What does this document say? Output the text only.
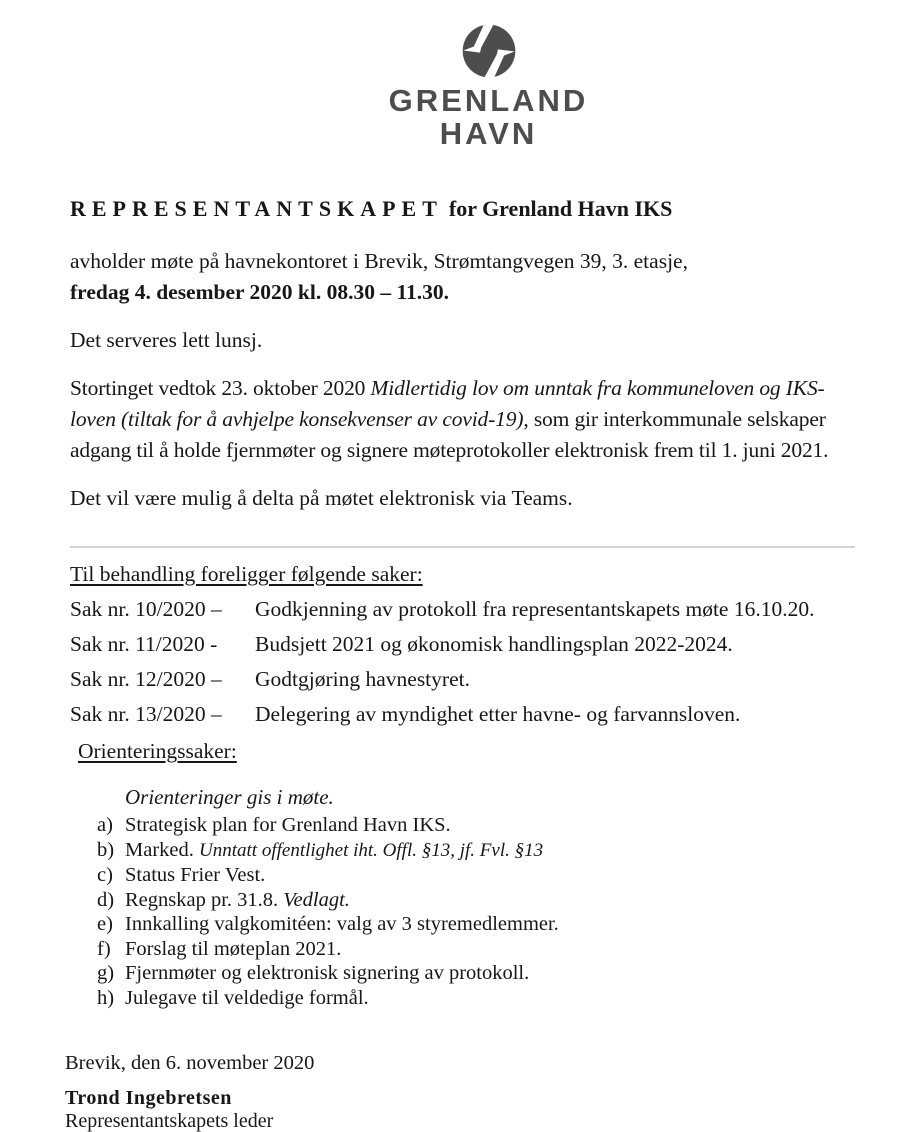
GRENLAND
HAVN
REPRESENTANTSKAPET for Grenland Havn IKS
avholder møte på havnekontoret i Brevik, Strømtangvegen 39, 3. etasje,
fredag 4. desember 2020 kl. 08.30 – 11.30.
Det serveres lett lunsj.
Stortinget vedtok 23. oktober 2020 Midlertidig lov om unntak fra kommuneloven og IKS-loven (tiltak for å avhjelpe konsekvenser av covid-19), som gir interkommunale selskaper adgang til å holde fjernmøter og signere møteprotokoller elektronisk frem til 1. juni 2021.
Det vil være mulig å delta på møtet elektronisk via Teams.
Til behandling foreligger følgende saker:
Sak nr. 10/2020 –	Godkjenning av protokoll fra representantskapets møte 16.10.20.
Sak nr. 11/2020 -	Budsjett 2021 og økonomisk handlingsplan 2022-2024.
Sak nr. 12/2020 –	Godtgjøring havnestyret.
Sak nr. 13/2020 –	Delegering av myndighet etter havne- og farvannsloven.
Orienteringssaker:
Orienteringer gis i møte.
a) Strategisk plan for Grenland Havn IKS.
b) Marked. Unntatt offentlighet iht. Offl. §13, jf. Fvl. §13
c) Status Frier Vest.
d) Regnskap pr. 31.8. Vedlagt.
e) Innkalling valgkomitéen: valg av 3 styremedlemmer.
f) Forslag til møteplan 2021.
g) Fjernmøter og elektronisk signering av protokoll.
h) Julegave til veldedige formål.
Brevik, den 6. november 2020
Trond Ingebretsen
Representantskapets leder
